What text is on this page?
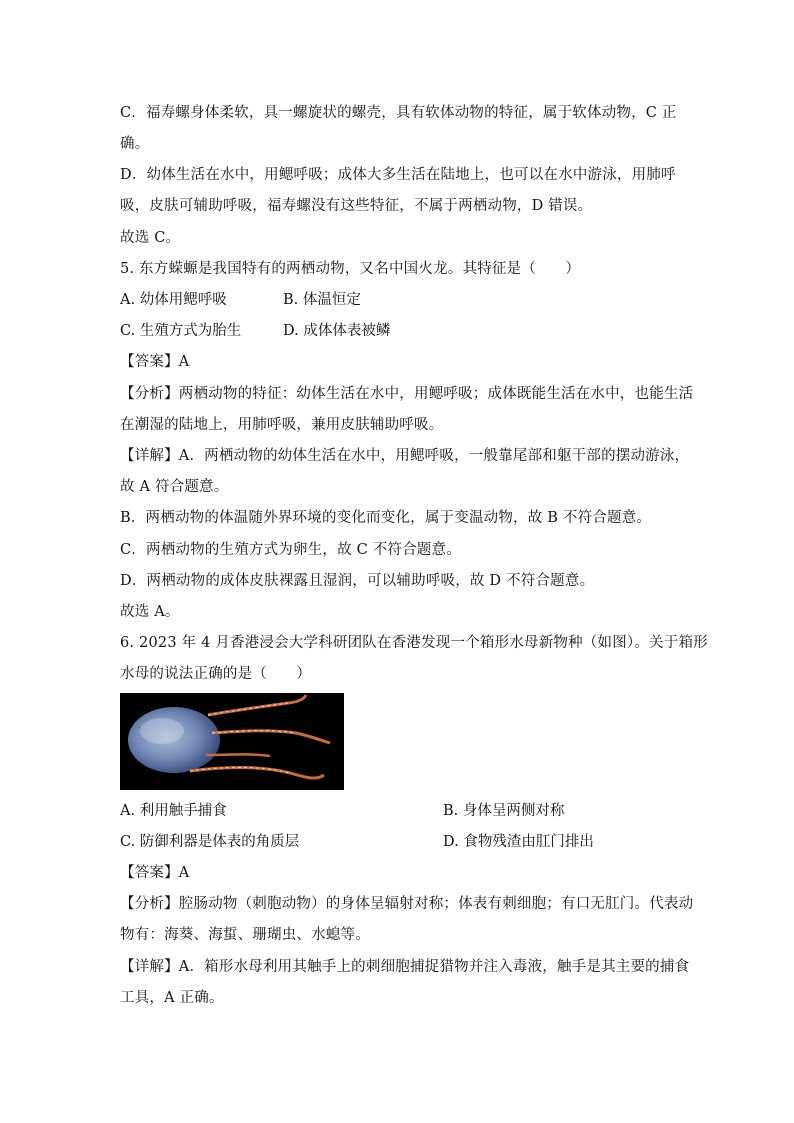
C．福寿螺身体柔软，具一螺旋状的螺壳，具有软体动物的特征，属于软体动物，C 正
确。
D．幼体生活在水中，用鳃呼吸；成体大多生活在陆地上，也可以在水中游泳，用肺呼
吸，皮肤可辅助呼吸，福寿螺没有这些特征，不属于两栖动物，D 错误。
故选 C。
5. 东方蝾螈是我国特有的两栖动物，又名中国火龙。其特征是（　　）
A. 幼体用鳃呼吸	B. 体温恒定
C. 生殖方式为胎生	D. 成体体表被鳞
【答案】A
【分析】两栖动物的特征：幼体生活在水中，用鳃呼吸；成体既能生活在水中，也能生活
在潮湿的陆地上，用肺呼吸，兼用皮肤辅助呼吸。
【详解】A．两栖动物的幼体生活在水中，用鳃呼吸，一般靠尾部和躯干部的摆动游泳，
故 A 符合题意。
B．两栖动物的体温随外界环境的变化而变化，属于变温动物，故 B 不符合题意。
C．两栖动物的生殖方式为卵生，故 C 不符合题意。
D．两栖动物的成体皮肤裸露且湿润，可以辅助呼吸，故 D 不符合题意。
故选 A。
6. 2023 年 4 月香港浸会大学科研团队在香港发现一个箱形水母新物种（如图）。关于箱形
水母的说法正确的是（　　）
A. 利用触手捕食	B. 身体呈两侧对称
C. 防御利器是体表的角质层	D. 食物残渣由肛门排出
【答案】A
【分析】腔肠动物（刺胞动物）的身体呈辐射对称；体表有刺细胞；有口无肛门。代表动
物有：海葵、海蜇、珊瑚虫、水螅等。
【详解】A．箱形水母利用其触手上的刺细胞捕捉猎物并注入毒液，触手是其主要的捕食
工具，A 正确。
